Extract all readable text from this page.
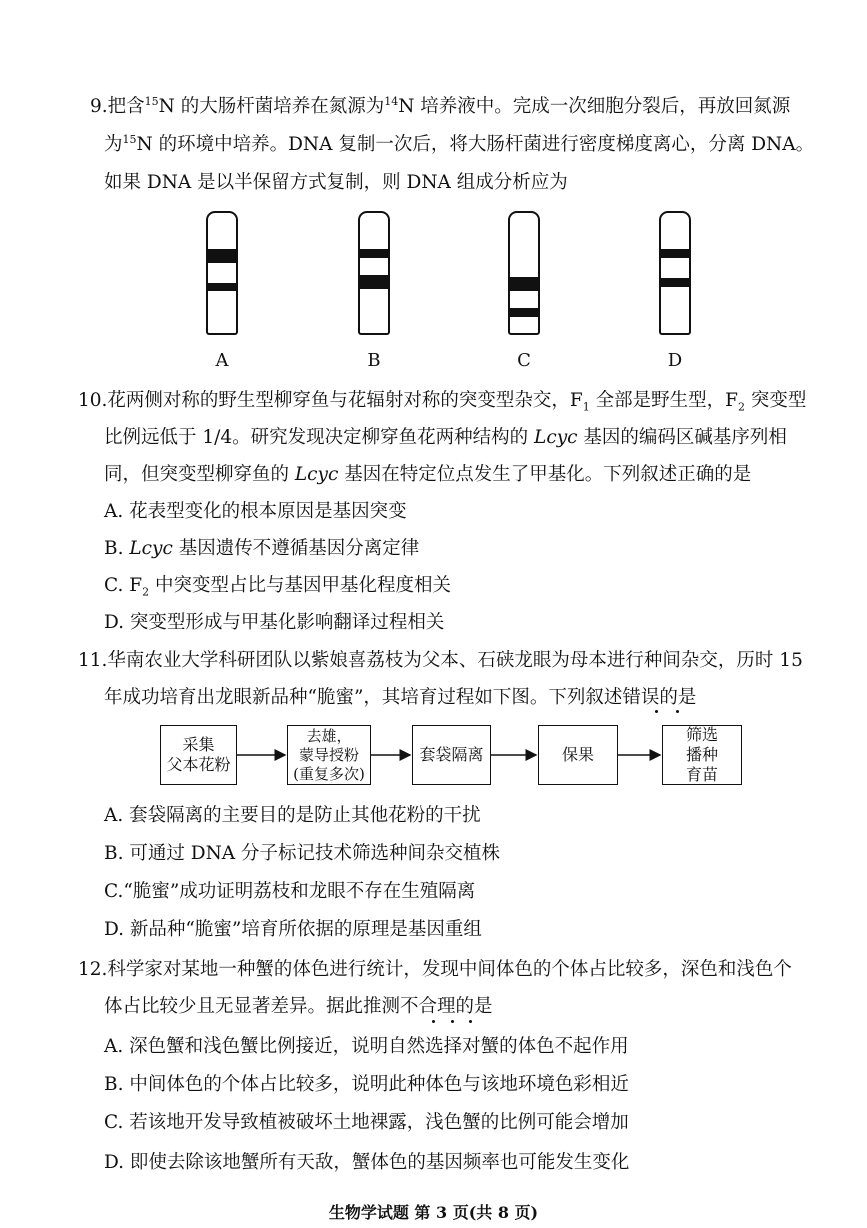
9.把含$^{15}$N 的大肠杆菌培养在氮源为$^{14}$N 培养液中。完成一次细胞分裂后，再放回氮源
为$^{15}$N 的环境中培养。DNA 复制一次后，将大肠杆菌进行密度梯度离心，分离 DNA。
如果 DNA 是以半保留方式复制，则 DNA 组成分析应为
A	B	C	D
10.花两侧对称的野生型柳穿鱼与花辐射对称的突变型杂交，$F_1$ 全部是野生型，$F_2$ 突变型
比例远低于 1/4。研究发现决定柳穿鱼花两种结构的 Lcyc 基因的编码区碱基序列相
同，但突变型柳穿鱼的 Lcyc 基因在特定位点发生了甲基化。下列叙述正确的是
A. 花表型变化的根本原因是基因突变
B. Lcyc 基因遗传不遵循基因分离定律
C. $F_2$ 中突变型占比与基因甲基化程度相关
D. 突变型形成与甲基化影响翻译过程相关
11.华南农业大学科研团队以紫娘喜荔枝为父本、石硖龙眼为母本进行种间杂交，历时 15
年成功培育出龙眼新品种“脆蜜”，其培育过程如下图。下列叙述错误的是
采集
父本花粉
去雄，
蒙导授粉
(重复多次)
套袋隔离	保果
筛选
播种
育苗
A. 套袋隔离的主要目的是防止其他花粉的干扰
B. 可通过 DNA 分子标记技术筛选种间杂交植株
C.“脆蜜”成功证明荔枝和龙眼不存在生殖隔离
D. 新品种“脆蜜”培育所依据的原理是基因重组
12.科学家对某地一种蟹的体色进行统计，发现中间体色的个体占比较多，深色和浅色个
体占比较少且无显著差异。据此推测不合理的是
A. 深色蟹和浅色蟹比例接近，说明自然选择对蟹的体色不起作用
B. 中间体色的个体占比较多，说明此种体色与该地环境色彩相近
C. 若该地开发导致植被破坏土地裸露，浅色蟹的比例可能会增加
D. 即使去除该地蟹所有天敌，蟹体色的基因频率也可能发生变化
生物学试题 第 3 页(共 8 页)
